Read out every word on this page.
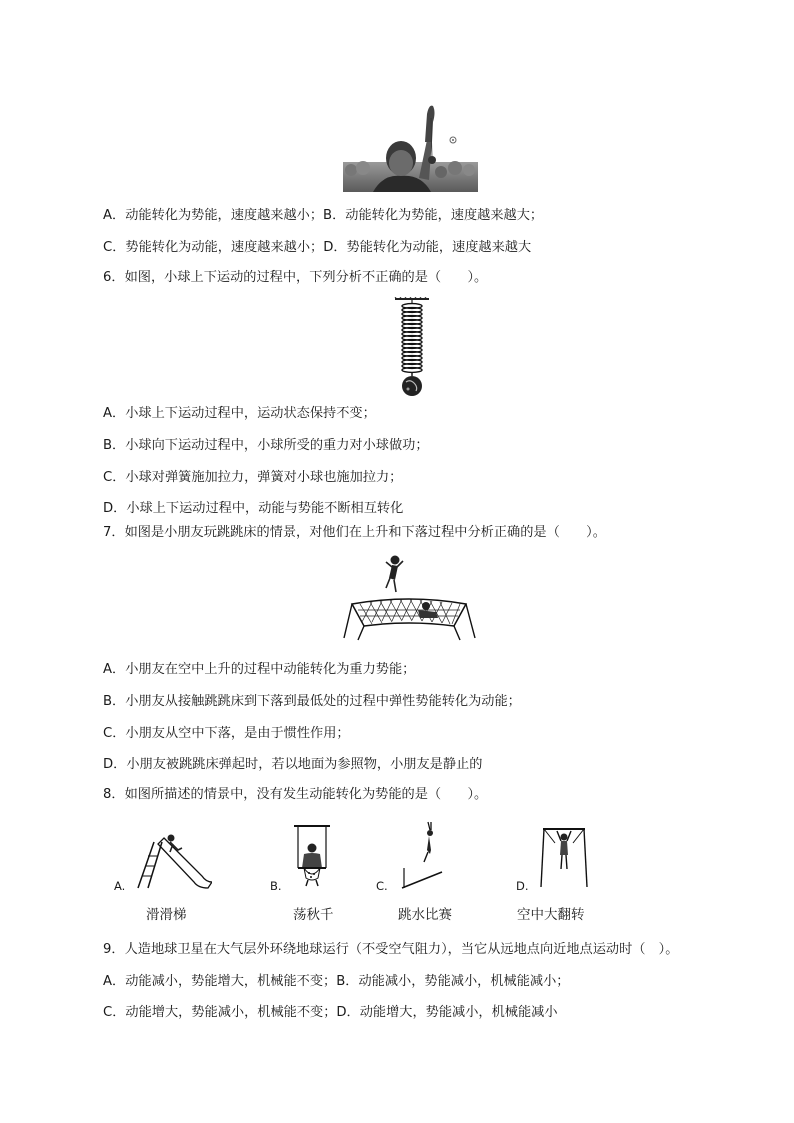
A．动能转化为势能，速度越来越小；B．动能转化为势能，速度越来越大；
C．势能转化为动能，速度越来越小；D．势能转化为动能，速度越来越大
6．如图，小球上下运动的过程中，下列分析不正确的是（　　）。
A．小球上下运动过程中，运动状态保持不变；
B．小球向下运动过程中，小球所受的重力对小球做功；
C．小球对弹簧施加拉力，弹簧对小球也施加拉力；
D．小球上下运动过程中，动能与势能不断相互转化
7．如图是小朋友玩跳跳床的情景，对他们在上升和下落过程中分析正确的是（　　）。
A．小朋友在空中上升的过程中动能转化为重力势能；
B．小朋友从接触跳跳床到下落到最低处的过程中弹性势能转化为动能；
C．小朋友从空中下落，是由于惯性作用；
D．小朋友被跳跳床弹起时，若以地面为参照物，小朋友是静止的
8．如图所描述的情景中，没有发生动能转化为势能的是（　　）。
A.	B.	C.	D.
滑滑梯	荡秋千	跳水比赛	空中大翻转
9．人造地球卫星在大气层外环绕地球运行（不受空气阻力），当它从远地点向近地点运动时（　）。
A．动能减小，势能增大，机械能不变；B．动能减小，势能减小，机械能减小；
C．动能增大，势能减小，机械能不变；D．动能增大，势能减小，机械能减小
